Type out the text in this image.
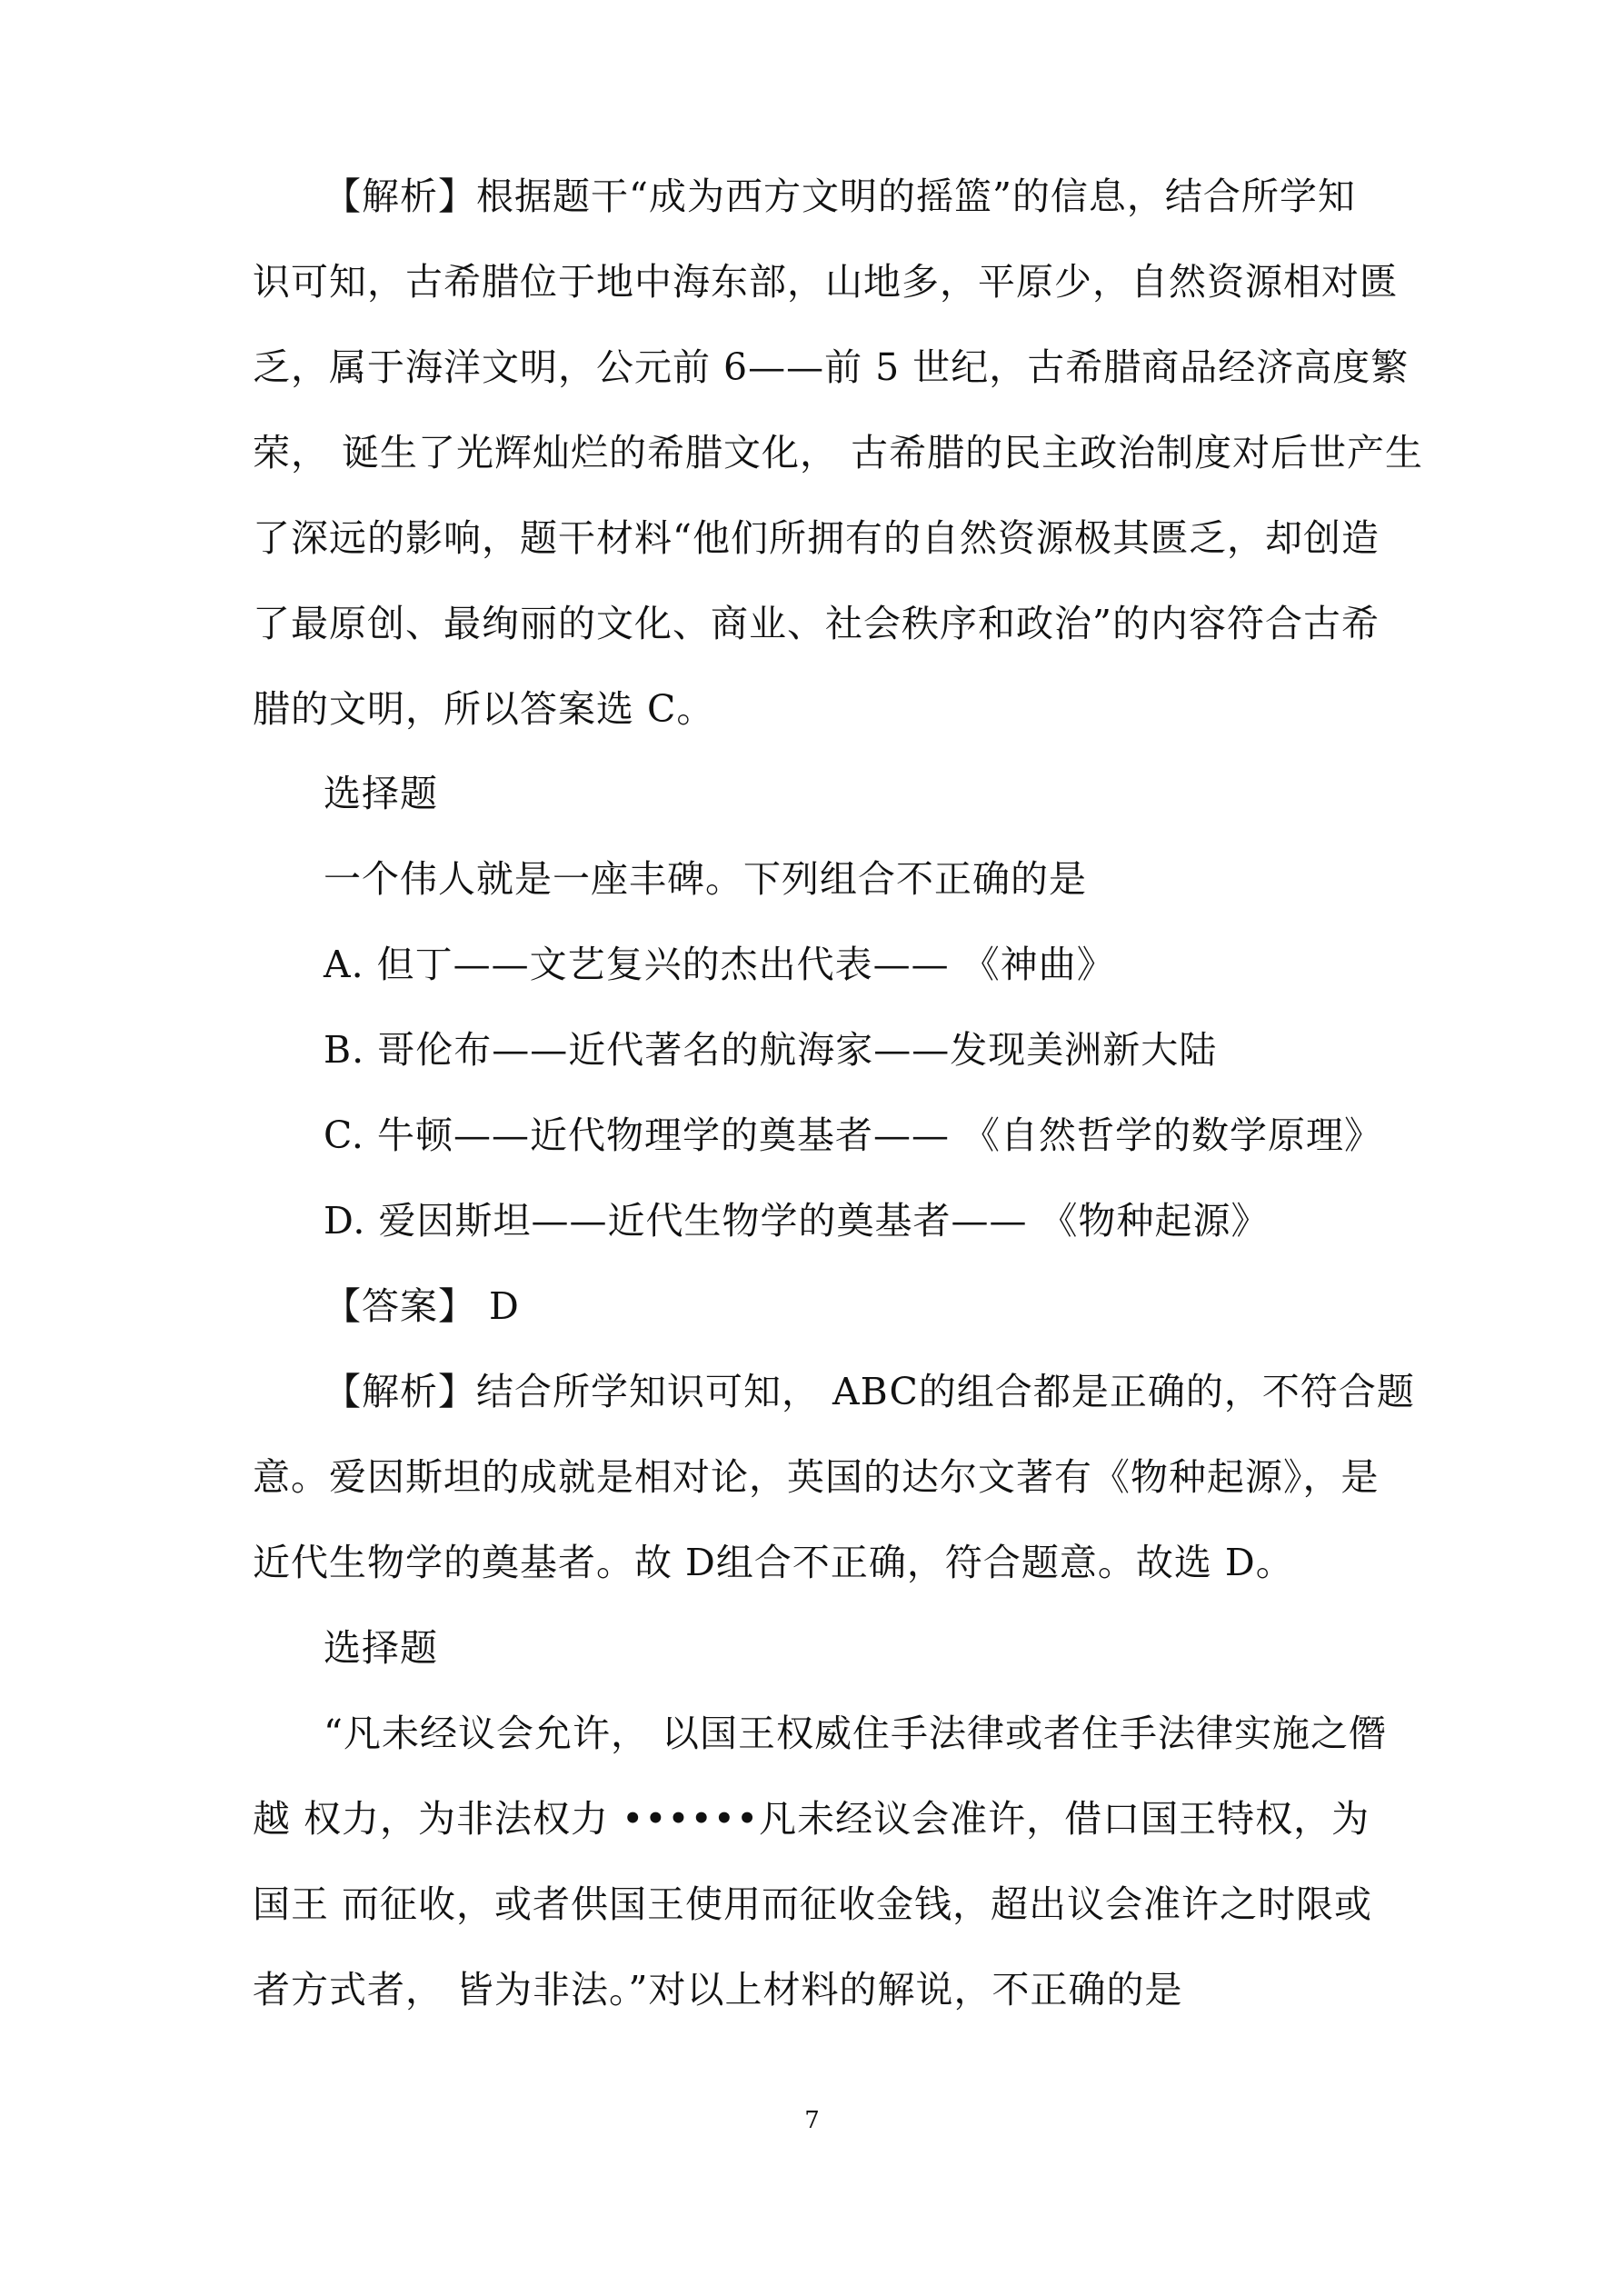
【解析】根据题干“成为西方文明的摇篮”的信息，结合所学知
识可知，古希腊位于地中海东部，山地多，平原少，自然资源相对匮
乏，属于海洋文明，公元前 6——前 5 世纪，古希腊商品经济高度繁
荣， 诞生了光辉灿烂的希腊文化， 古希腊的民主政治制度对后世产生
了深远的影响，题干材料“他们所拥有的自然资源极其匮乏，却创造
了最原创、最绚丽的文化、商业、社会秩序和政治”的内容符合古希
腊的文明，所以答案选 C。
选择题
一个伟人就是一座丰碑。下列组合不正确的是
A. 但丁——文艺复兴的杰出代表—— 《神曲》
B. 哥伦布——近代著名的航海家——发现美洲新大陆
C. 牛顿——近代物理学的奠基者—— 《自然哲学的数学原理》
D. 爱因斯坦——近代生物学的奠基者—— 《物种起源》
【答案】 D
【解析】结合所学知识可知， ABC的组合都是正确的，不符合题
意。爱因斯坦的成就是相对论，英国的达尔文著有《物种起源》，是
近代生物学的奠基者。故 D组合不正确，符合题意。故选 D。
选择题
“凡未经议会允许， 以国王权威住手法律或者住手法律实施之僭
越 权力，为非法权力 ••••••凡未经议会准许，借口国王特权，为
国王 而征收，或者供国王使用而征收金钱，超出议会准许之时限或
者方式者， 皆为非法。”对以上材料的解说，不正确的是
7
